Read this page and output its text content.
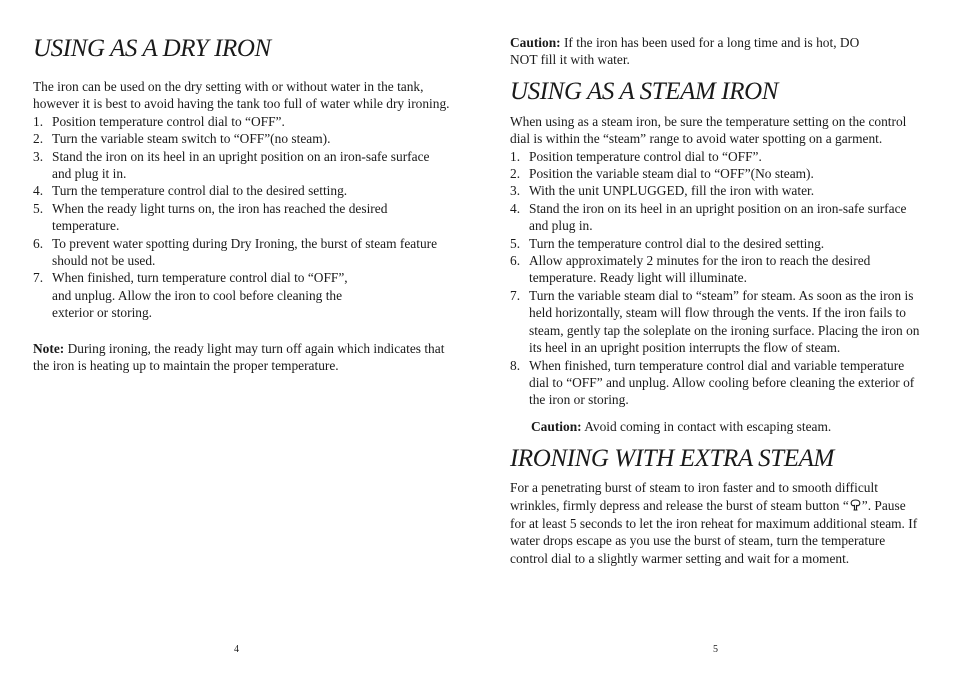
USING AS A DRY IRON

The iron can be used on the dry setting with or without water in the tank, however it is best to avoid having the tank too full of water while dry ironing.

1. Position temperature control dial to “OFF”.
2. Turn the variable steam switch to “OFF”(no steam).
3. Stand the iron on its heel in an upright position on an iron-safe surface and plug it in.
4. Turn the temperature control dial to the desired setting.
5. When the ready light turns on, the iron has reached the desired temperature.
6. To prevent water spotting during Dry Ironing, the burst of steam feature should not be used.
7. When finished, turn temperature control dial to “OFF”, and unplug. Allow the iron to cool before cleaning the exterior or storing.

Note: During ironing, the ready light may turn off again which indicates that the iron is heating up to maintain the proper temperature.

4

Caution: If the iron has been used for a long time and is hot, DO NOT fill it with water.

USING AS A STEAM IRON

When using as a steam iron, be sure the temperature setting on the control dial is within the “steam” range to avoid water spotting on a garment.

1. Position temperature control dial to “OFF”.
2. Position the variable steam dial to “OFF”(No steam).
3. With the unit UNPLUGGED, fill the iron with water.
4. Stand the iron on its heel in an upright position on an iron-safe surface and plug in.
5. Turn the temperature control dial to the desired setting.
6. Allow approximately 2 minutes for the iron to reach the desired temperature. Ready light will illuminate.
7. Turn the variable steam dial to “steam” for steam. As soon as the iron is held horizontally, steam will flow through the vents. If the iron fails to steam, gently tap the soleplate on the ironing surface. Placing the iron on its heel in an upright position interrupts the flow of steam.
8. When finished, turn temperature control dial and variable temperature dial to “OFF” and unplug. Allow cooling before cleaning the exterior of the iron or storing.

Caution: Avoid coming in contact with escaping steam.

IRONING WITH EXTRA STEAM

For a penetrating burst of steam to iron faster and to smooth difficult wrinkles, firmly depress and release the burst of steam button “ ”. Pause for at least 5 seconds to let the iron reheat for maximum additional steam. If water drops escape as you use the burst of steam, turn the temperature control dial to a slightly warmer setting and wait for a moment.

5
